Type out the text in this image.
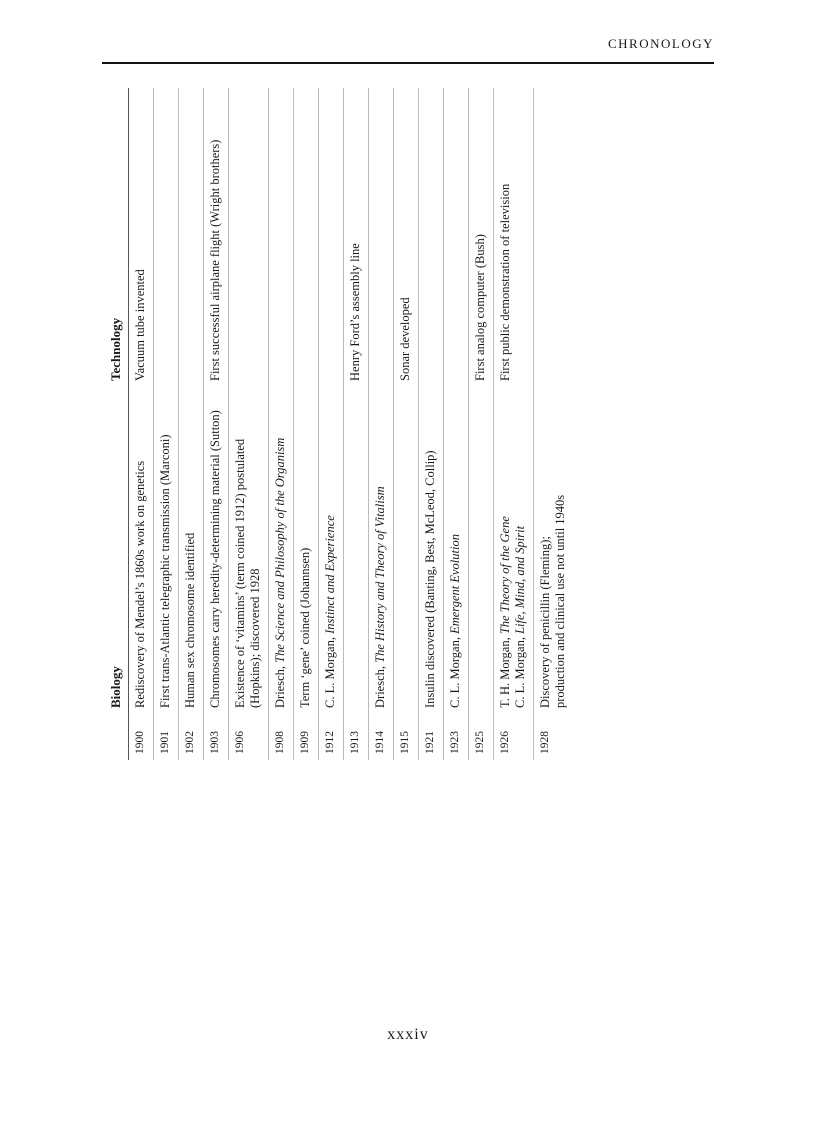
CHRONOLOGY
	Biology	Technology
1900	Rediscovery of Mendel’s 1860s work on genetics	Vacuum tube invented
1901	First trans-Atlantic telegraphic transmission (Marconi)	
1902	Human sex chromosome identified	
1903	Chromosomes carry heredity-determining material (Sutton)	First successful airplane flight (Wright brothers)
1906	Existence of ‘vitamins’ (term coined 1912) postulated (Hopkins); discovered 1928	
1908	Driesch, The Science and Philosophy of the Organism	
1909	Term ‘gene’ coined (Johannsen)	
1912	C. L. Morgan, Instinct and Experience	
1913		Henry Ford’s assembly line
1914	Driesch, The History and Theory of Vitalism	
1915		Sonar developed
1921	Insulin discovered (Banting, Best, McLeod, Collip)	
1923	C. L. Morgan, Emergent Evolution	
1925		First analog computer (Bush)
1926	T. H. Morgan, The Theory of the Gene
C. L. Morgan, Life, Mind, and Spirit	First public demonstration of television
1928	Discovery of penicillin (Fleming);
production and clinical use not until 1940s	
xxxiv
